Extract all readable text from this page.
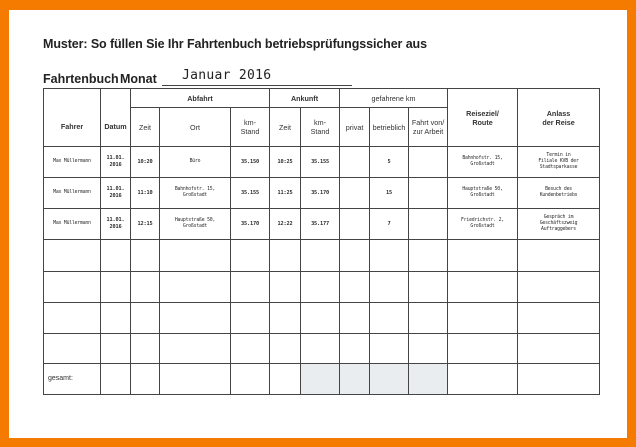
Muster: So füllen Sie Ihr Fahrtenbuch betriebsprüfungssicher aus
Fahrtenbuch Monat Januar 2016
		Abfahrt			Ankunft		gefahrene km			Reiseziel/
Route	Anlass
der Reise
Fahrer	Datum	Zeit	Ort	km-
Stand	Zeit	km-
Stand	privat	betrieblich	Fahrt von/
zur Arbeit		
Max Müllermann	11.01.
2016	10:20	Büro	35.150	10:25	35.155		5		Bahnhofstr. 15,
Großstadt	Termin in
Filiale KVB der
Stadtsparkasse
Max Müllermann	11.01.
2016	11:10	Bahnhofstr. 15,
Großstadt	35.155	11:25	35.170		15		Hauptstraße 50,
Großstadt	Besuch des
Kundenbetriebs
Max Müllermann	11.01.
2016	12:15	Hauptstraße 50,
Großstadt	35.170	12:22	35.177		7		Friedrichstr. 2,
Großstadt	Gespräch im
Geschäftszweig
Auftraggebers

gesamt:											
